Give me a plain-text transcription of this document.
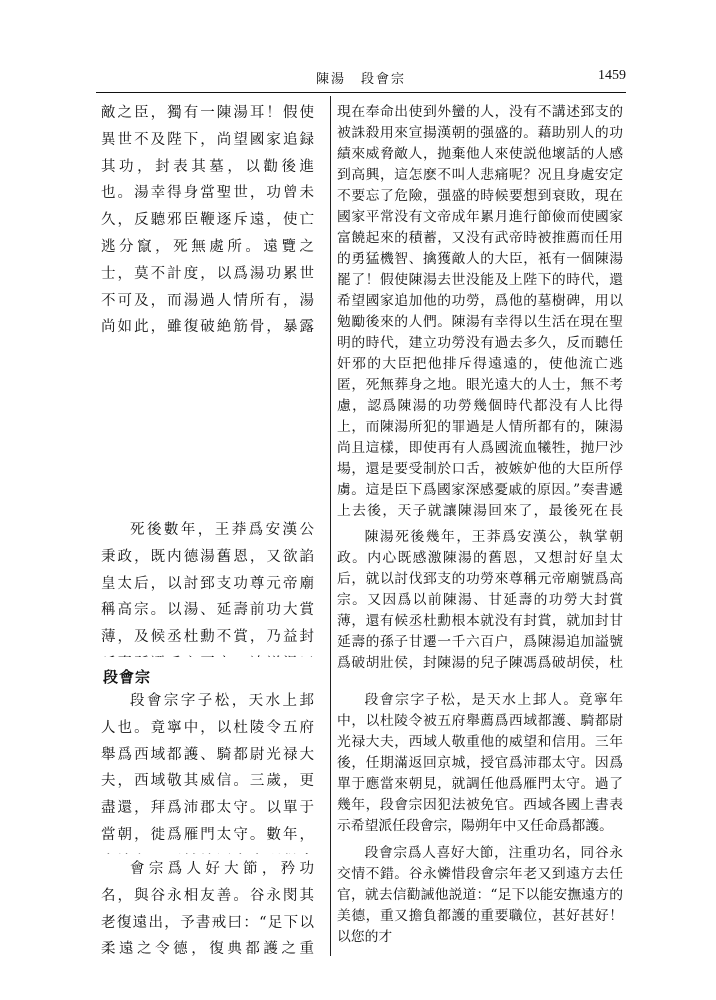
陳湯　段會宗	1459

敵之臣，獨有一陳湯耳！假使異世不及陛下，尚望國家追録其功，封表其墓，以勸後進也。湯幸得身當聖世，功曾未久，反聽邪臣鞭逐斥遠，使亡逃分竄，死無處所。遠覽之士，莫不計度，以爲湯功累世不可及，而湯過人情所有，湯尚如此，雖復破絶筋骨，暴露

死後數年，王莽爲安漢公秉政，既内德湯舊恩，又欲諂皇太后，以討郅支功尊元帝廟稱高宗。以湯、延壽前功大賞薄，及候丞杜勳不賞，乃益封

段會宗

段會宗字子松，天水上邽人也。竟寧中，以杜陵令五府舉爲西域都護、騎都尉光禄大夫，西域敬其威信。三歲，更盡還，拜爲沛郡太守。以單于當朝，徙爲雁門太守。數年，

會宗爲人好大節，矜功名，與谷永相友善。谷永閔其老復遠出，予書戒曰：“足下以柔遠之令德，復典都護之重

現在奉命出使到外蠻的人，没有不講述郅支的被誅殺用來宣揚漢朝的强盛的。藉助别人的功績來威脅敵人，抛棄他人來使説他壞話的人感到高興，這怎麽不叫人悲痛呢？况且身處安定不要忘了危險，强盛的時候要想到衰敗，現在國家平常没有文帝成年累月進行節儉而使國家富饒起來的積蓄，又没有武帝時被推薦而任用的勇猛機智、擒獲敵人的大臣，衹有一個陳湯罷了！假使陳湯去世没能及上陛下的時代，還希望國家追加他的功勞，爲他的墓樹碑，用以勉勵後來的人們。陳湯有幸得以生活在現在聖明的時代，建立功勞没有過去多久，反而聽任奸邪的大臣把他排斥得遠遠的，使他流亡逃匿，死無葬身之地。眼光遠大的人士，無不考慮，認爲陳湯的功勞幾個時代都没有人比得上，而陳湯所犯的罪過是人情所都有的，陳湯尚且這樣，即使再有人爲國流血犧牲，抛尸沙場，還是要受制於口舌，被嫉妒他的大臣所俘虜。這是臣下爲國家深感憂戚的原因。”奏書遞上去後，天子就讓陳湯回來了，最後死在長

陳湯死後幾年，王莽爲安漢公，執掌朝政。内心既感激陳湯的舊恩，又想討好皇太后，就以討伐郅支的功勞來尊稱元帝廟號爲高宗。又因爲以前陳湯、甘延壽的功勞大封賞薄，還有候丞杜勳根本就没有封賞，就加封甘延壽的孫子甘遷一千六百户，爲陳湯追加謚號爲破胡壯侯，封陳湯的兒子陳馮爲破胡侯，杜

段會宗字子松，是天水上邽人。竟寧年中，以杜陵令被五府舉薦爲西域都護、騎都尉光禄大夫，西域人敬重他的威望和信用。三年後，任期滿返回京城，授官爲沛郡太守。因爲單于應當來朝見，就調任他爲雁門太守。過了幾年，段會宗因犯法被免官。西域各國上書表示希望派任段會宗，陽朔年中又任命爲都護。

段會宗爲人喜好大節，注重功名，同谷永交情不錯。谷永憐惜段會宗年老又到遠方去任官，就去信勸誡他説道：“足下以能安撫遠方的美德，重又擔負都護的重要職位，甚好甚好！以您的才
